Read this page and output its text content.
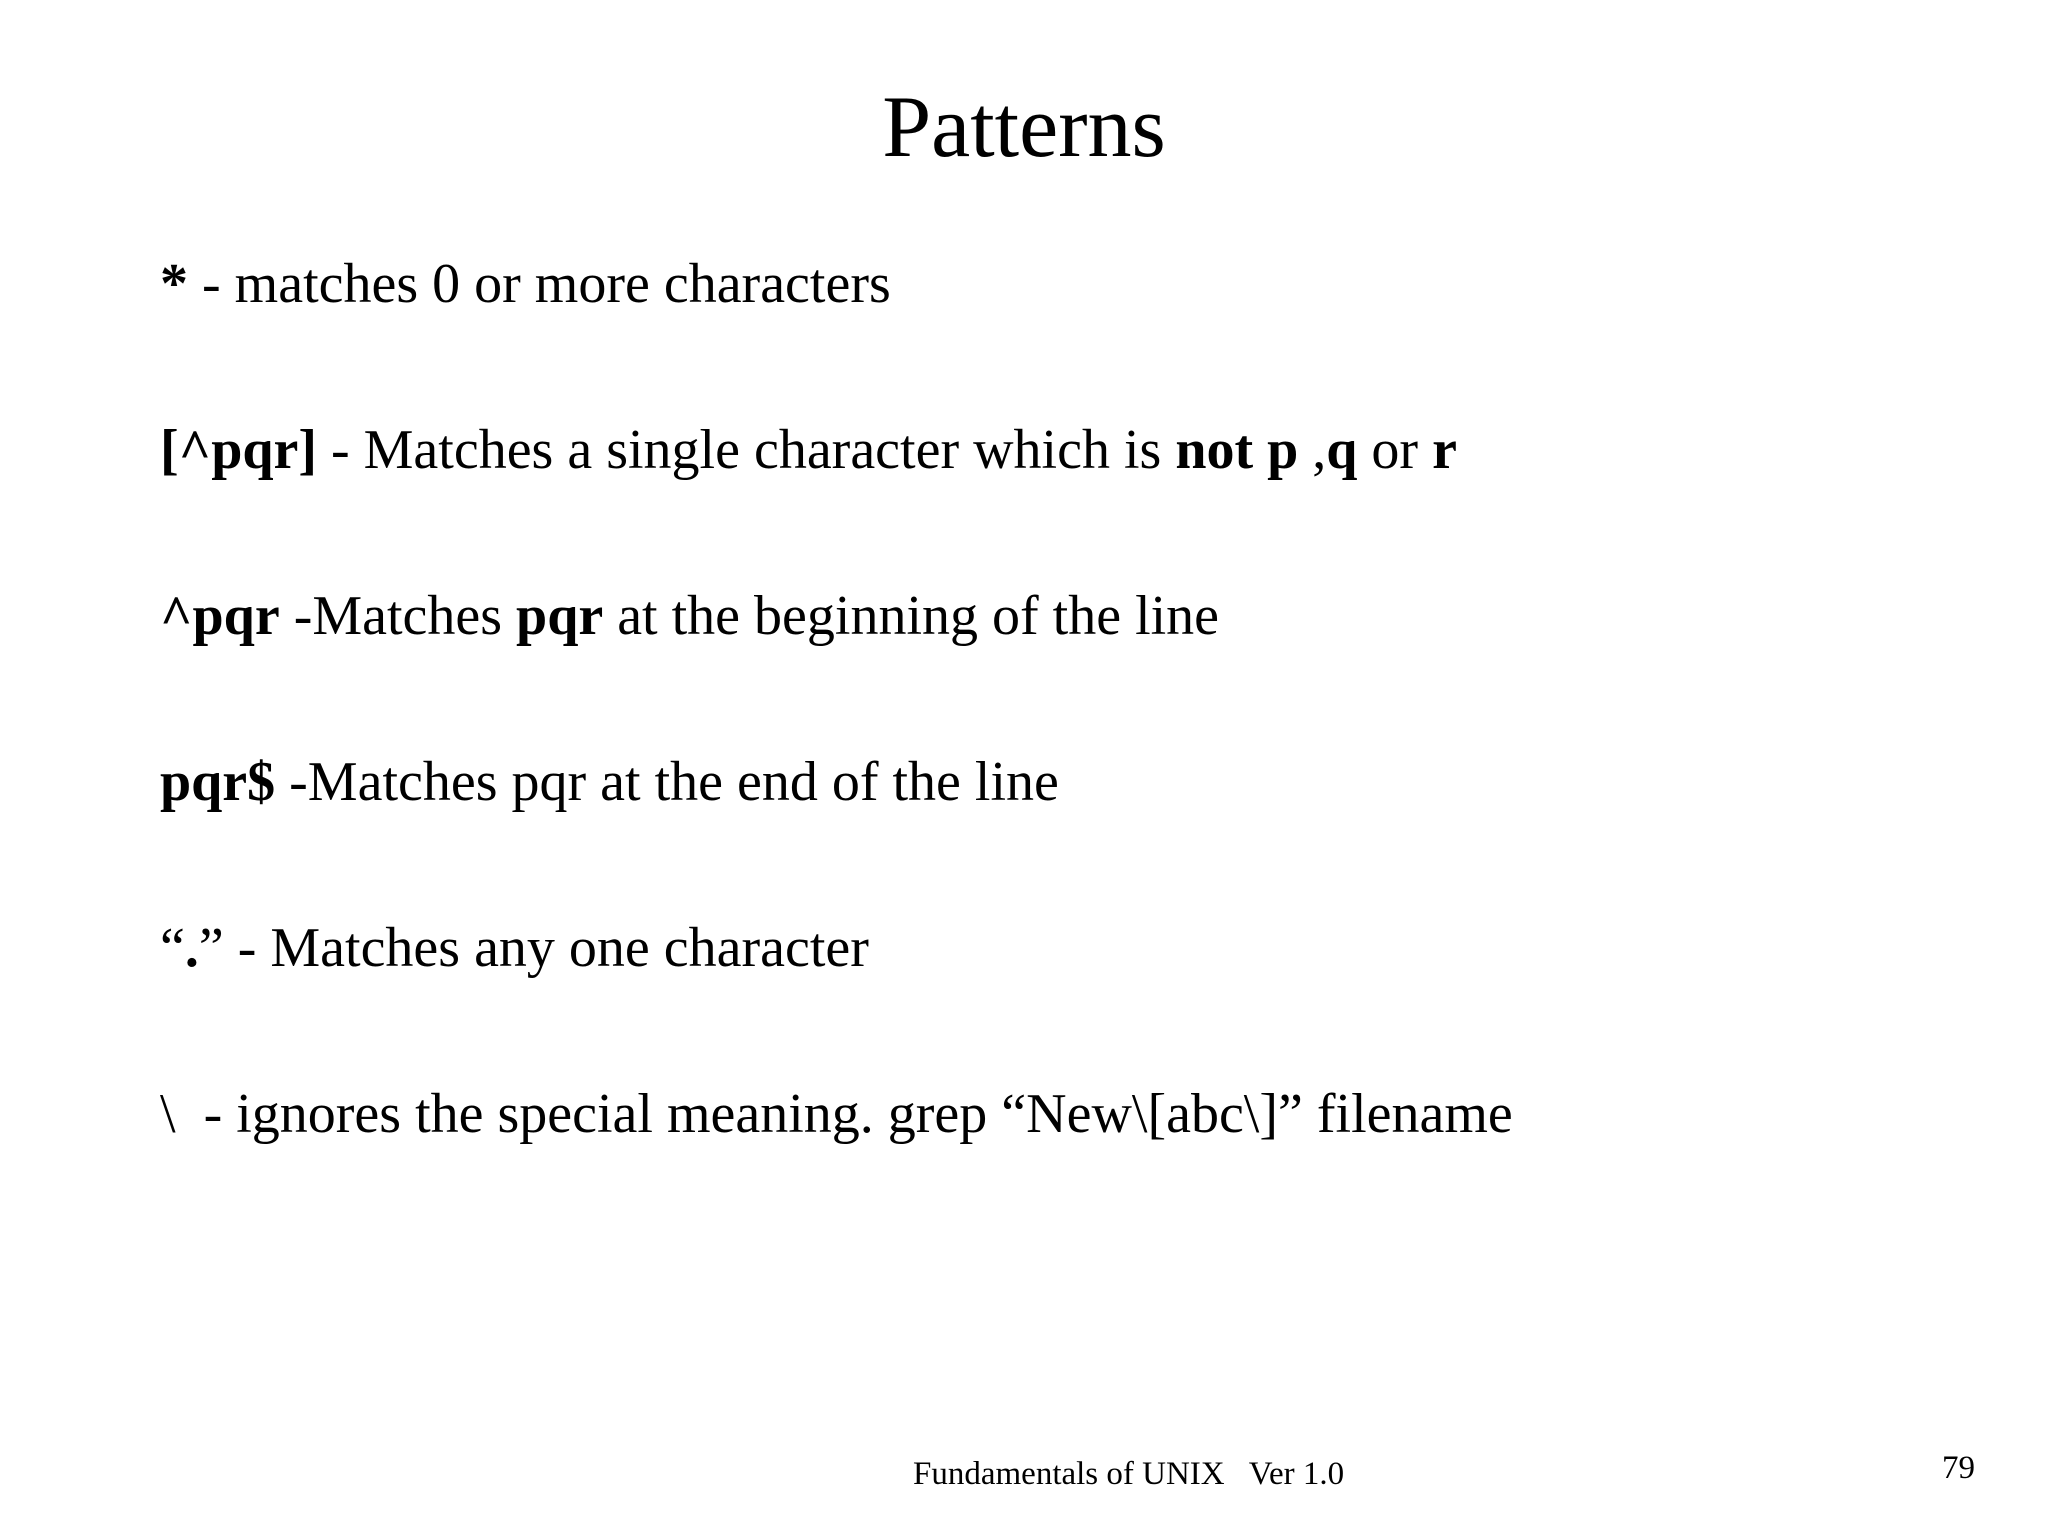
Patterns
* - matches 0 or more characters
[^pqr] - Matches a single character which is not p ,q or r
^pqr -Matches pqr at the beginning of the line
pqr$ -Matches pqr at the end of the line
“.” - Matches any one character
\  - ignores the special meaning. grep “New\[abc\]” filename
Fundamentals of UNIX   Ver 1.0	79
